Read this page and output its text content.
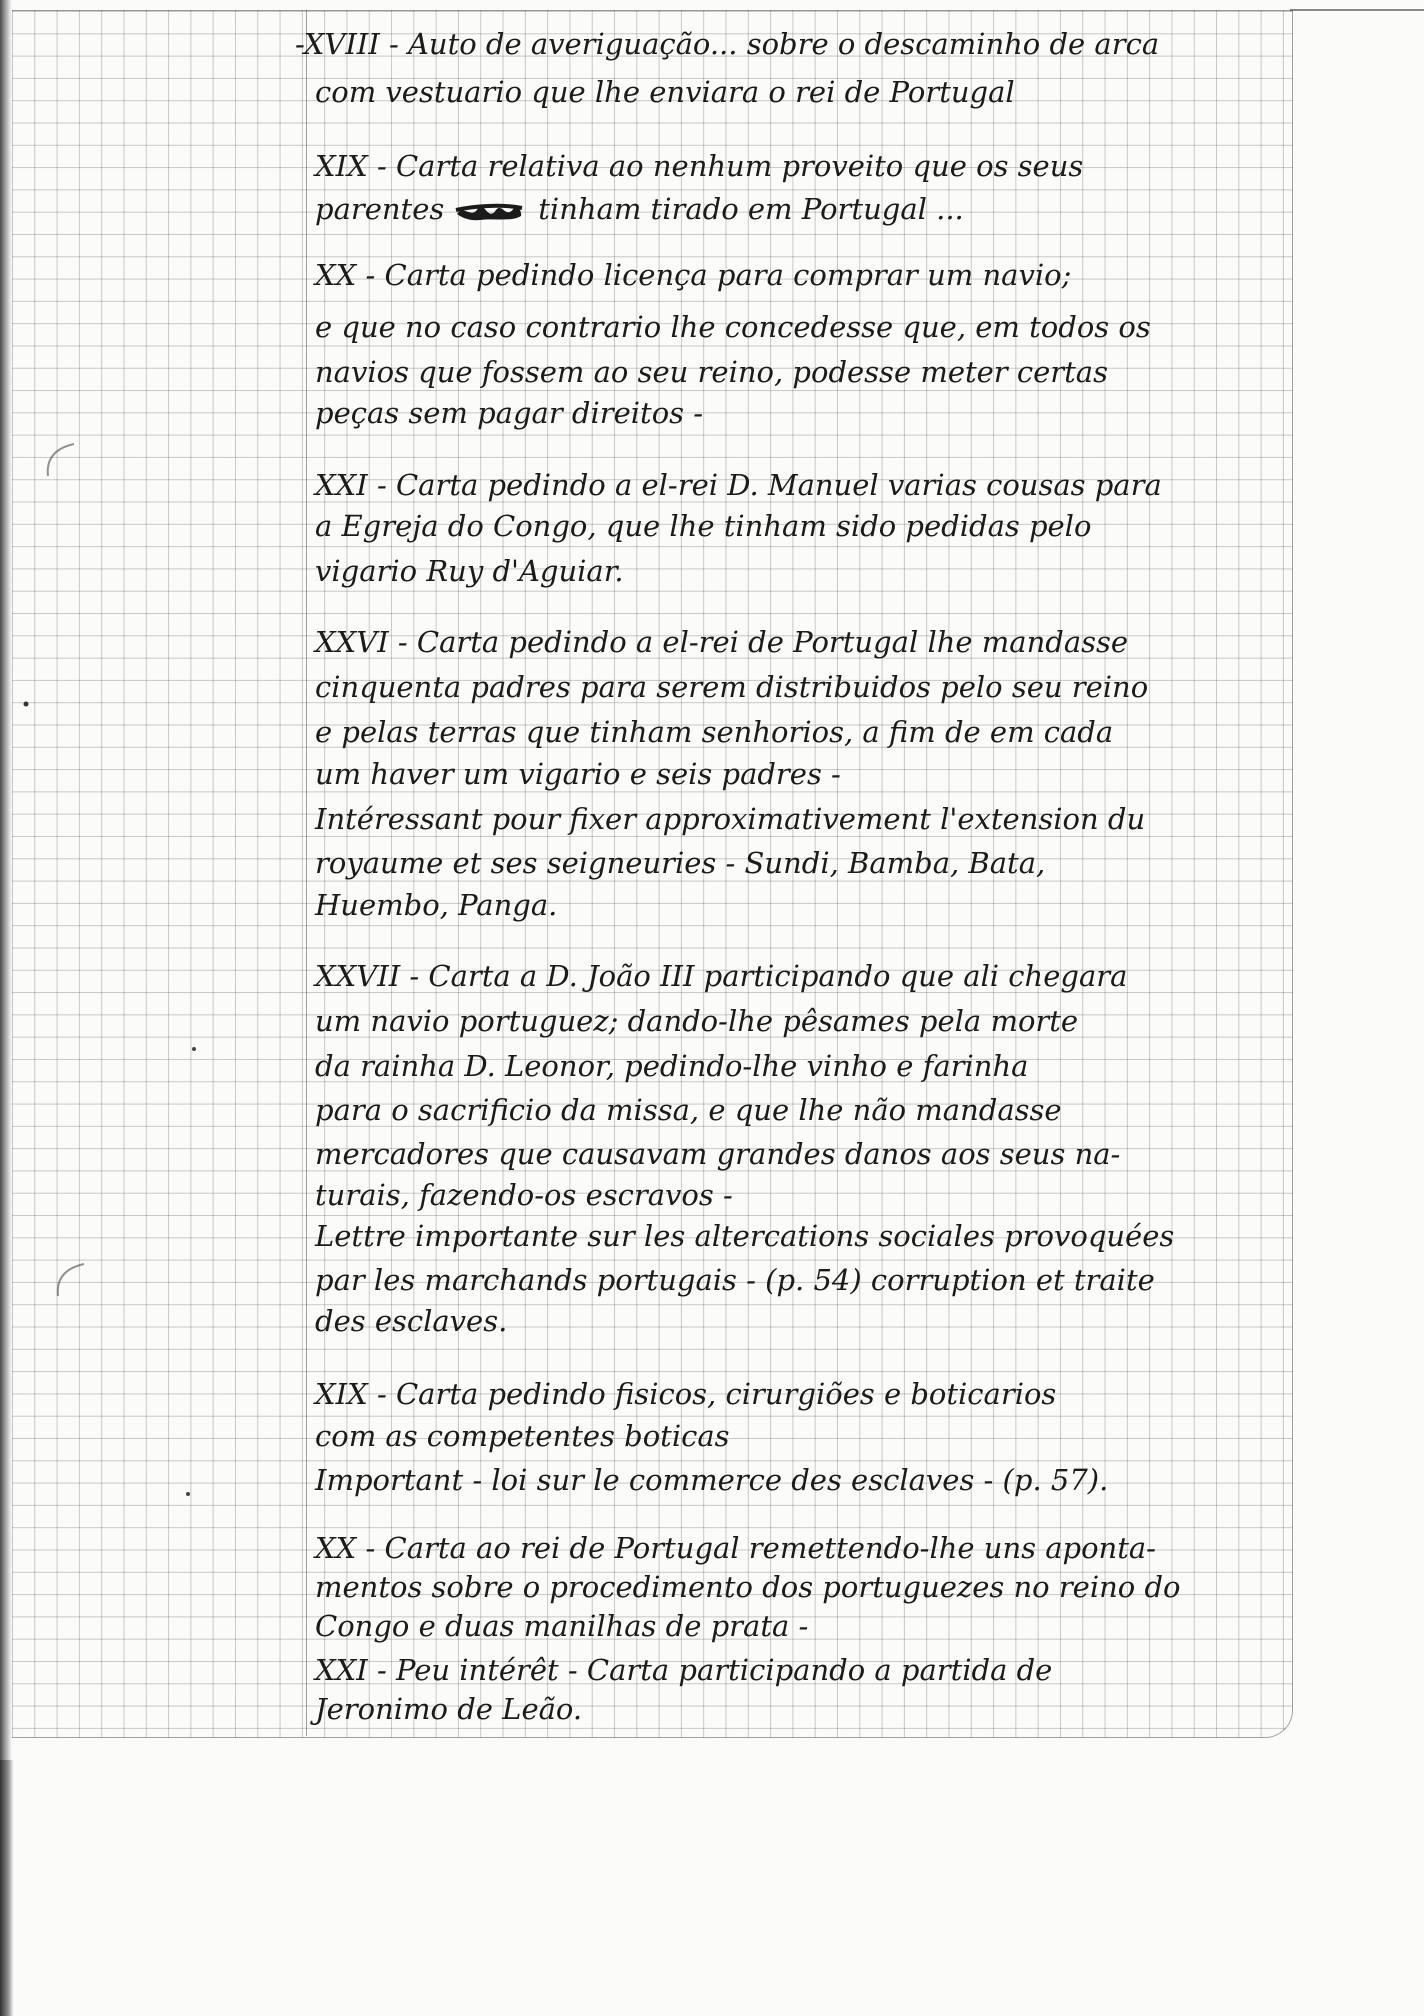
-XVIII - Auto de averiguação... sobre o descaminho de arca
com vestuario que lhe enviara o rei de Portugal
XIX - Carta relativa ao nenhum proveito que os seus
parentes	tinham tirado em Portugal ...
XX - Carta pedindo licença para comprar um navio;
e que no caso contrario lhe concedesse que, em todos os
navios que fossem ao seu reino, podesse meter certas
peças sem pagar direitos -
XXI - Carta pedindo a el-rei D. Manuel varias cousas para
a Egreja do Congo, que lhe tinham sido pedidas pelo
vigario Ruy d'Aguiar.
XXVI - Carta pedindo a el-rei de Portugal lhe mandasse
cinquenta padres para serem distribuidos pelo seu reino
e pelas terras que tinham senhorios, a fim de em cada
um haver um vigario e seis padres -
Intéressant pour fixer approximativement l'extension du
royaume et ses seigneuries - Sundi, Bamba, Bata,
Huembo, Panga.
XXVII - Carta a D. João III participando que ali chegara
um navio portuguez; dando-lhe pêsames pela morte
da rainha D. Leonor, pedindo-lhe vinho e farinha
para o sacrificio da missa, e que lhe não mandasse
mercadores que causavam grandes danos aos seus na-
turais, fazendo-os escravos -
Lettre importante sur les altercations sociales provoquées
par les marchands portugais - (p. 54) corruption et traite
des esclaves.
XIX - Carta pedindo fisicos, cirurgiões e boticarios
com as competentes boticas
Important - loi sur le commerce des esclaves - (p. 57).
XX - Carta ao rei de Portugal remettendo-lhe uns aponta-
mentos sobre o procedimento dos portuguezes no reino do
Congo e duas manilhas de prata -
XXI - Peu intérêt - Carta participando a partida de
Jeronimo de Leão.
